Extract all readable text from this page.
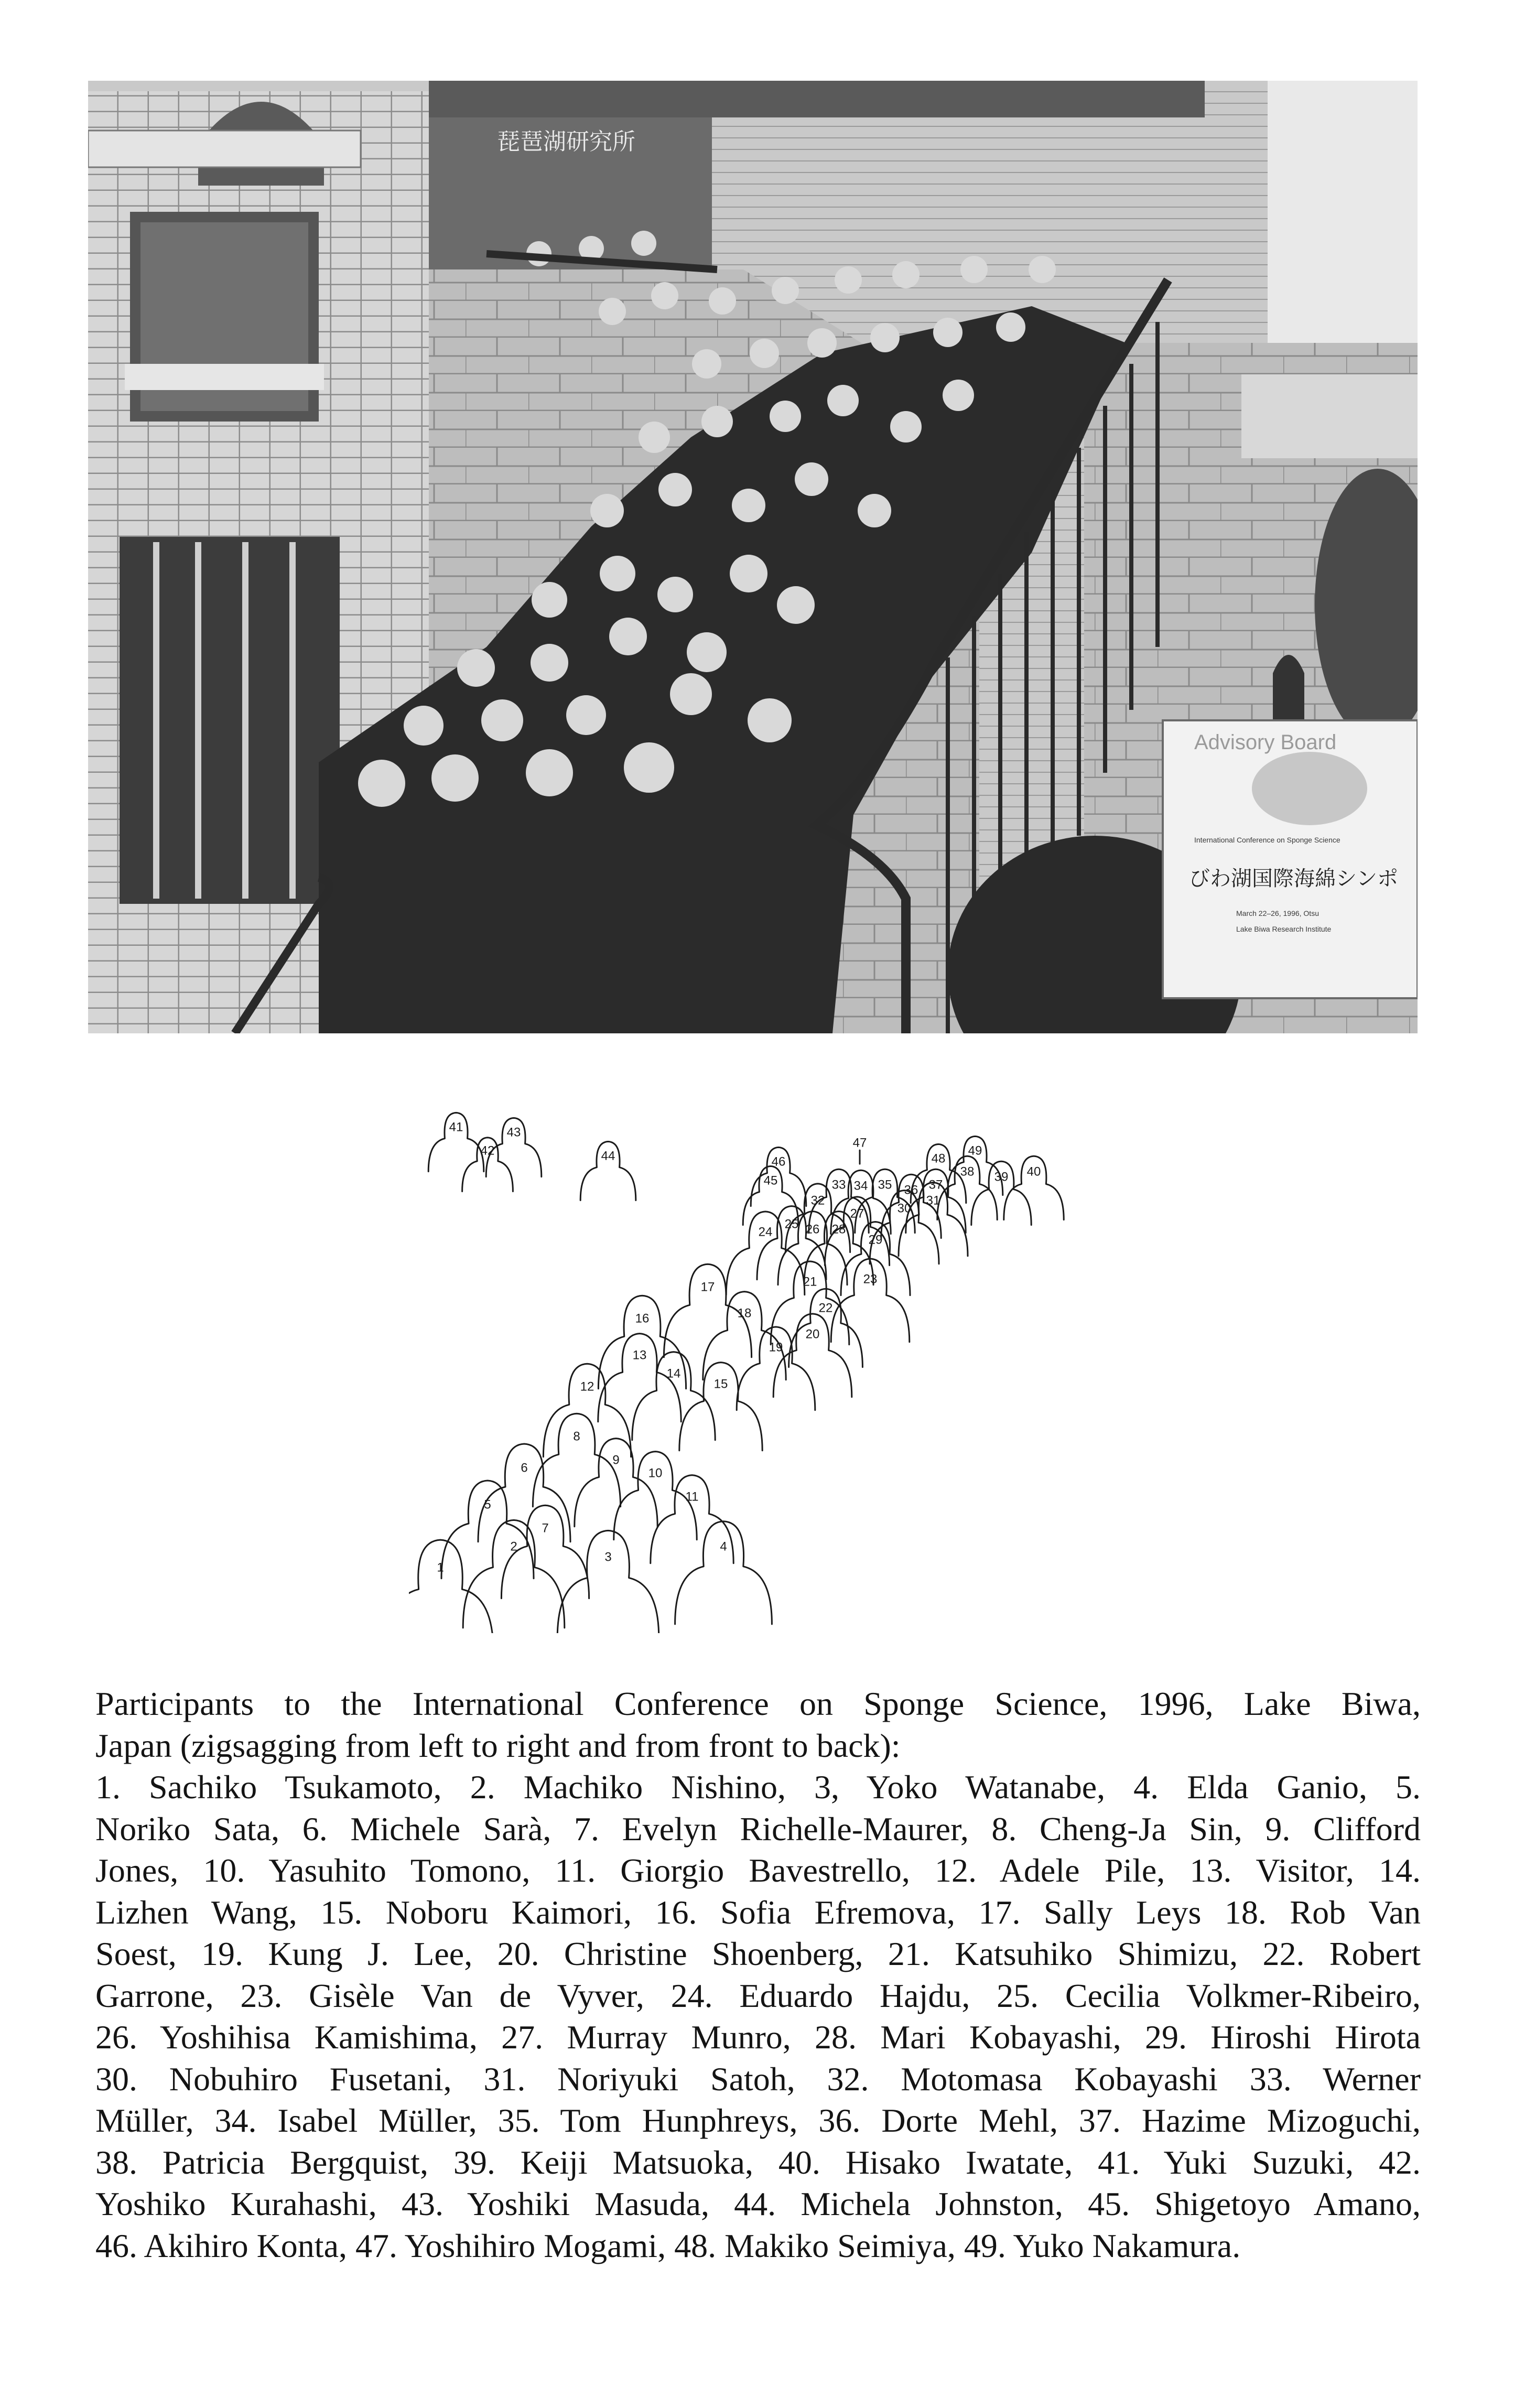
Advisory Board
International Conference on Sponge Science
びわ湖国際海綿シンポ
March 22–26, 1996, Otsu
Lake Biwa Research Institute
琵琶湖研究所
1
2
3
4
5
6
7
8
9
10
11
12
13
14
15
16
17
18
19
20
21
22
23
24
25 26
27
28
29
30
31
32
33 34 35 36 37
38 39 40
41
42
43
44
45
46
47
48
49

Participants to the International Conference on Sponge Science, 1996, Lake Biwa,

Japan (zigsagging from left to right and from front to back):

1. Sachiko Tsukamoto, 2. Machiko Nishino, 3, Yoko Watanabe, 4. Elda Ganio, 5.

Noriko Sata, 6. Michele Sarà, 7. Evelyn Richelle-Maurer, 8. Cheng-Ja Sin, 9. Clifford

Jones, 10. Yasuhito Tomono, 11. Giorgio Bavestrello, 12. Adele Pile, 13. Visitor, 14.

Lizhen Wang, 15. Noboru Kaimori, 16. Sofia Efremova, 17. Sally Leys 18. Rob Van

Soest, 19. Kung J. Lee, 20. Christine Shoenberg, 21. Katsuhiko Shimizu, 22. Robert

Garrone, 23. Gisèle Van de Vyver, 24. Eduardo Hajdu, 25. Cecilia Volkmer-Ribeiro,

26. Yoshihisa Kamishima, 27. Murray Munro, 28. Mari Kobayashi, 29. Hiroshi Hirota

30. Nobuhiro Fusetani, 31. Noriyuki Satoh, 32. Motomasa Kobayashi 33. Werner

Müller, 34. Isabel Müller, 35. Tom Hunphreys, 36. Dorte Mehl, 37. Hazime Mizoguchi,

38. Patricia Bergquist, 39. Keiji Matsuoka, 40. Hisako Iwatate, 41. Yuki Suzuki, 42.

Yoshiko Kurahashi, 43. Yoshiki Masuda, 44. Michela Johnston, 45. Shigetoyo Amano,

46. Akihiro Konta, 47. Yoshihiro Mogami, 48. Makiko Seimiya, 49. Yuko Nakamura.
